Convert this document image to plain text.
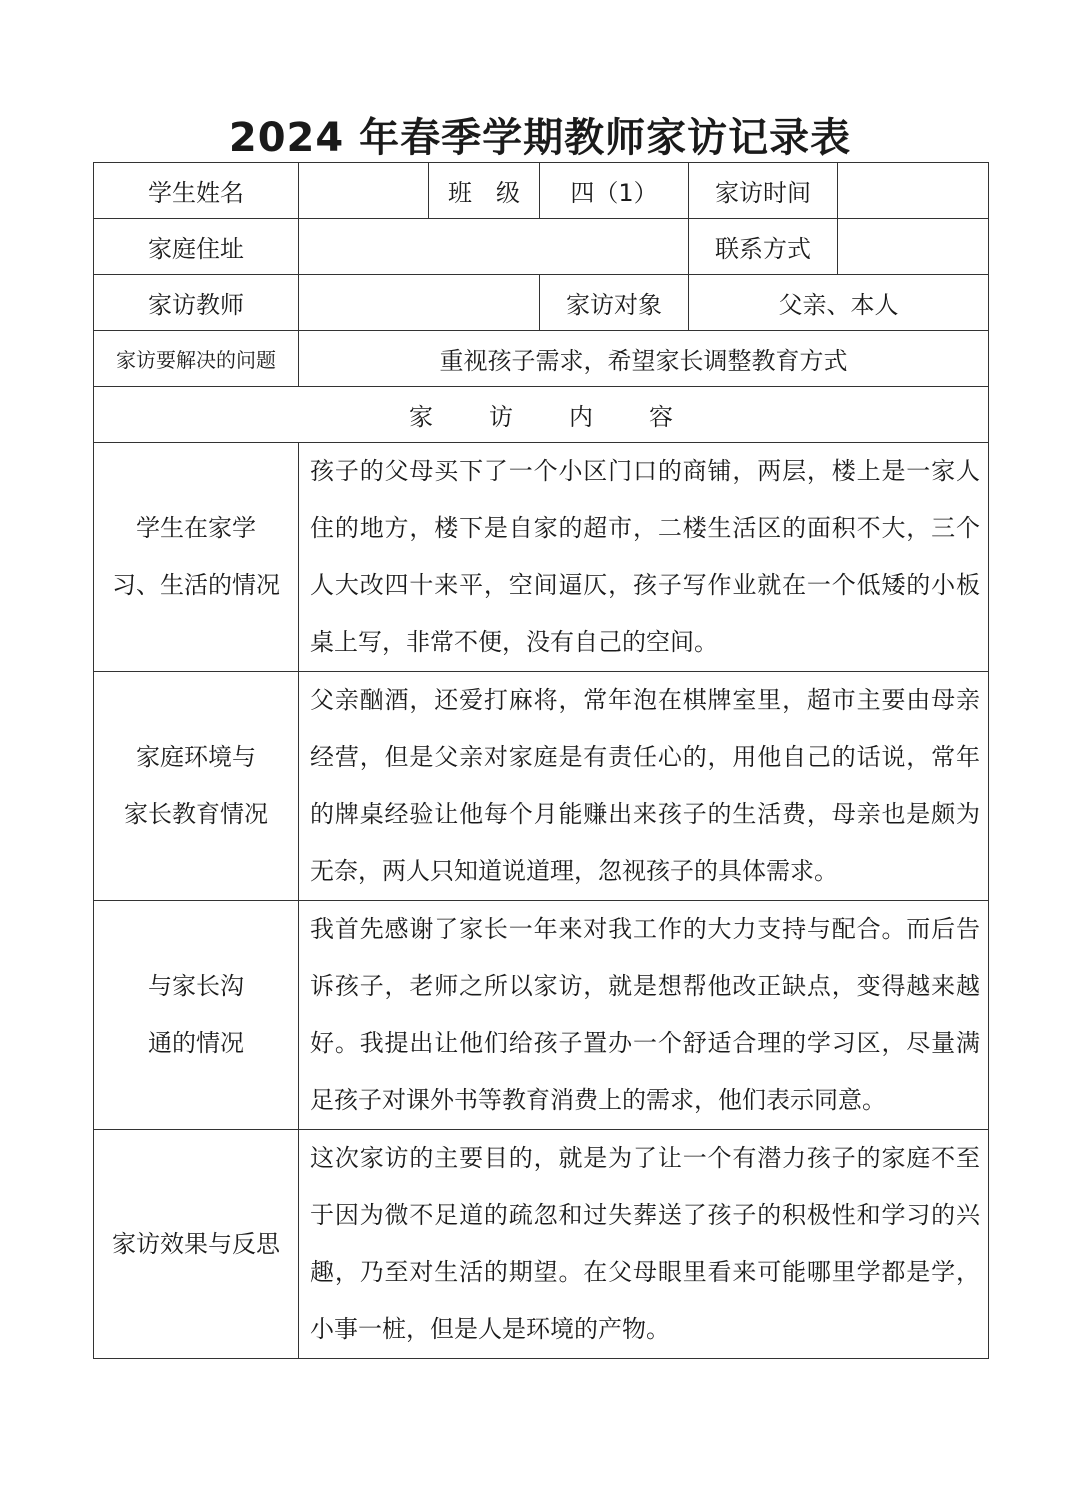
2024 年春季学期教师家访记录表
学生姓名		班　级	四（1）	家访时间	
家庭住址				联系方式	
家访教师			家访对象	父亲、本人	
家访要解决的问题	重视孩子需求，希望家长调整教育方式				
家 访 内 容					

学生在家学
习、生活的情况	孩子的父母买下了一个小区门口的商铺，两层，楼上是一家人住的地方，楼下是自家的超市，二楼生活区的面积不大，三个人大改四十来平，空间逼仄，孩子写作业就在一个低矮的小板桌上写，非常不便，没有自己的空间。				

家庭环境与
家长教育情况	父亲酗酒，还爱打麻将，常年泡在棋牌室里，超市主要由母亲经营，但是父亲对家庭是有责任心的，用他自己的话说，常年的牌桌经验让他每个月能赚出来孩子的生活费，母亲也是颇为无奈，两人只知道说道理，忽视孩子的具体需求。				

与家长沟
通的情况	我首先感谢了家长一年来对我工作的大力支持与配合。而后告诉孩子，老师之所以家访，就是想帮他改正缺点，变得越来越好。我提出让他们给孩子置办一个舒适合理的学习区，尽量满足孩子对课外书等教育消费上的需求，他们表示同意。				

家访效果与反思	这次家访的主要目的，就是为了让一个有潜力孩子的家庭不至于因为微不足道的疏忽和过失葬送了孩子的积极性和学习的兴趣，乃至对生活的期望。在父母眼里看来可能哪里学都是学，小事一桩，但是人是环境的产物。				
